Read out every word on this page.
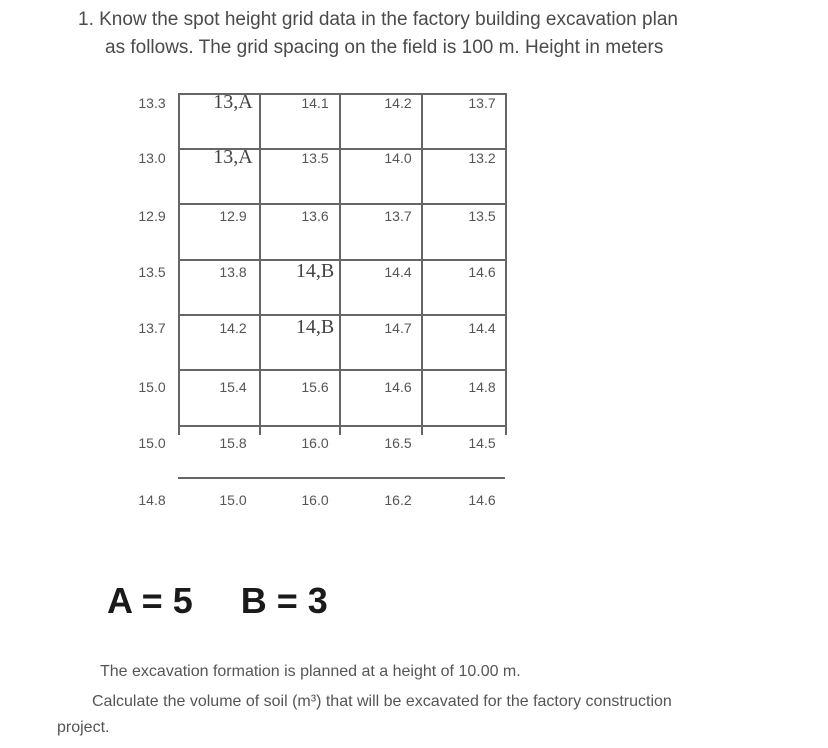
1. Know the spot height grid data in the factory building excavation plan
as follows. The grid spacing on the field is 100 m. Height in meters
13.3	13,A	14.1	14.2	13.7
13.0	13,A	13.5	14.0	13.2
12.9	12.9	13.6	13.7	13.5
13.5	13.8	14,B	14.4	14.6
13.7	14.2	14,B	14.7	14.4
15.0	15.4	15.6	14.6	14.8
15.0	15.8	16.0	16.5	14.5
14.8	15.0	16.0	16.2	14.6
A = 5 B = 3
The excavation formation is planned at a height of 10.00 m.
Calculate the volume of soil (m³) that will be excavated for the factory construction
project.
